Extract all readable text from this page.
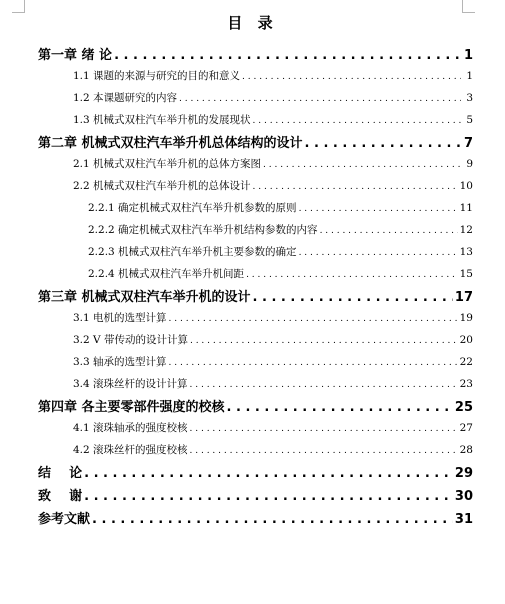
目 录
第一章 绪 论 . . .	1
1.1 课题的来源与研究的目的和意义 . . .	1
1.2 本课题研究的内容 . . .	3
1.3 机械式双柱汽车举升机的发展现状 . . .	5
第二章 机械式双柱汽车举升机总体结构的设计 . . .	7
2.1 机械式双柱汽车举升机的总体方案图 . . .	9
2.2 机械式双柱汽车举升机的总体设计 . . .	10
2.2.1 确定机械式双柱汽车举升机参数的原则 . . .	11
2.2.2 确定机械式双柱汽车举升机结构参数的内容 . . .	12
2.2.3 机械式双柱汽车举升机主要参数的确定 . . .	13
2.2.4 机械式双柱汽车举升机间距 . . .	15
第三章 机械式双柱汽车举升机的设计 . . .	17
3.1 电机的选型计算 . . .	19
3.2 V 带传动的设计计算 . . .	20
3.3 轴承的选型计算 . . .	22
3.4 滚珠丝杆的设计计算 . . .	23
第四章 各主要零部件强度的校核 . . .	25
4.1 滚珠轴承的强度校核 . . .	27
4.2 滚珠丝杆的强度校核 . . .	28
结    论 . . .	29
致    谢 . . .	30
参考文献 . . .	31
